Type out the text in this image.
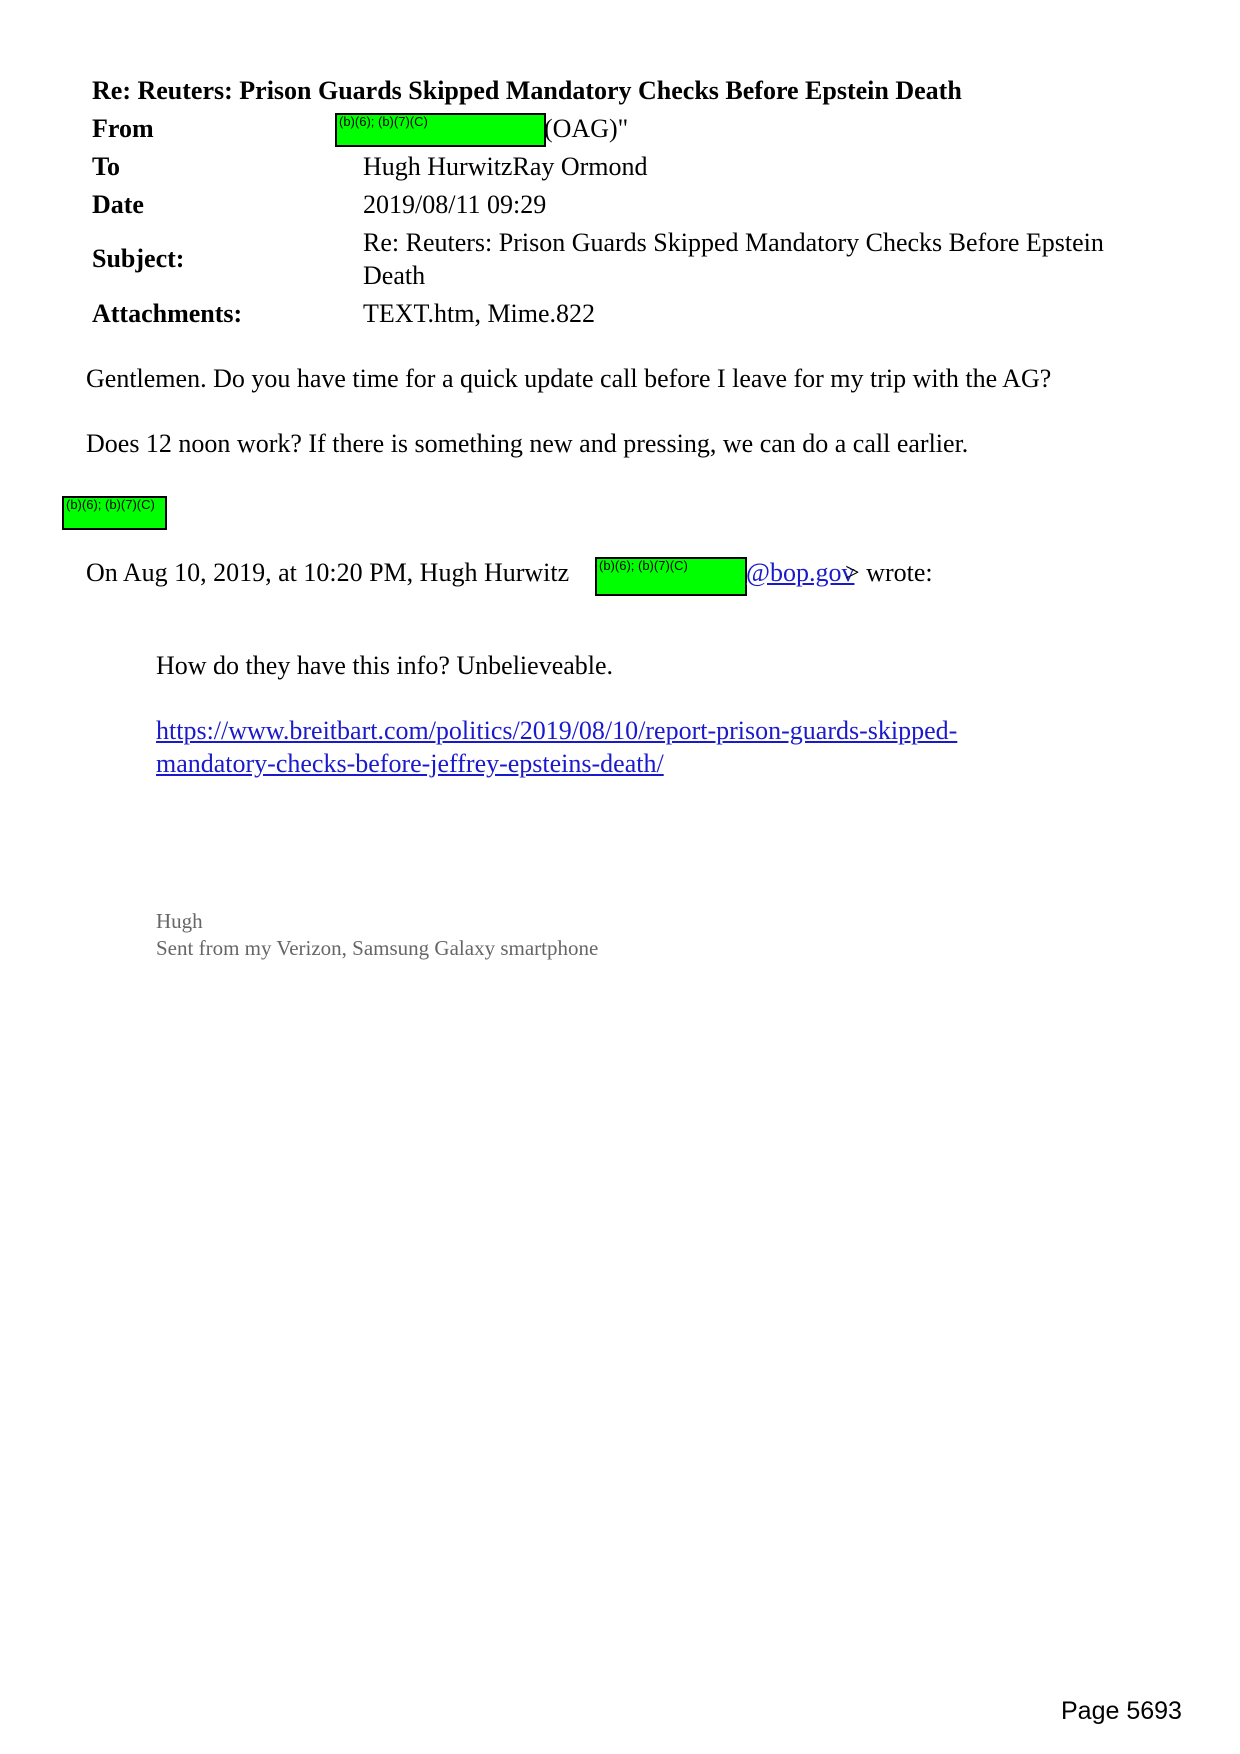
Re: Reuters: Prison Guards Skipped Mandatory Checks Before Epstein Death
From	(b)(6); (b)(7)(C)	(OAG)"
To	Hugh HurwitzRay Ormond
Date	2019/08/11 09:29
Subject:
Re: Reuters: Prison Guards Skipped Mandatory Checks Before Epstein
Death
Attachments:	TEXT.htm, Mime.822
Gentlemen. Do you have time for a quick update call before I leave for my trip with the AG?
Does 12 noon work? If there is something new and pressing, we can do a call earlier.
(b)(6); (b)(7)(C)
On Aug 10, 2019, at 10:20 PM, Hugh Hurwitz	(b)(6); (b)(7)(C)	@bop.gov
> wrote:
How do they have this info? Unbelieveable.
https://www.breitbart.com/politics/2019/08/10/report-prison-guards-skipped-
mandatory-checks-before-jeffrey-epsteins-death/
Hugh
Sent from my Verizon, Samsung Galaxy smartphone
Page 5693
